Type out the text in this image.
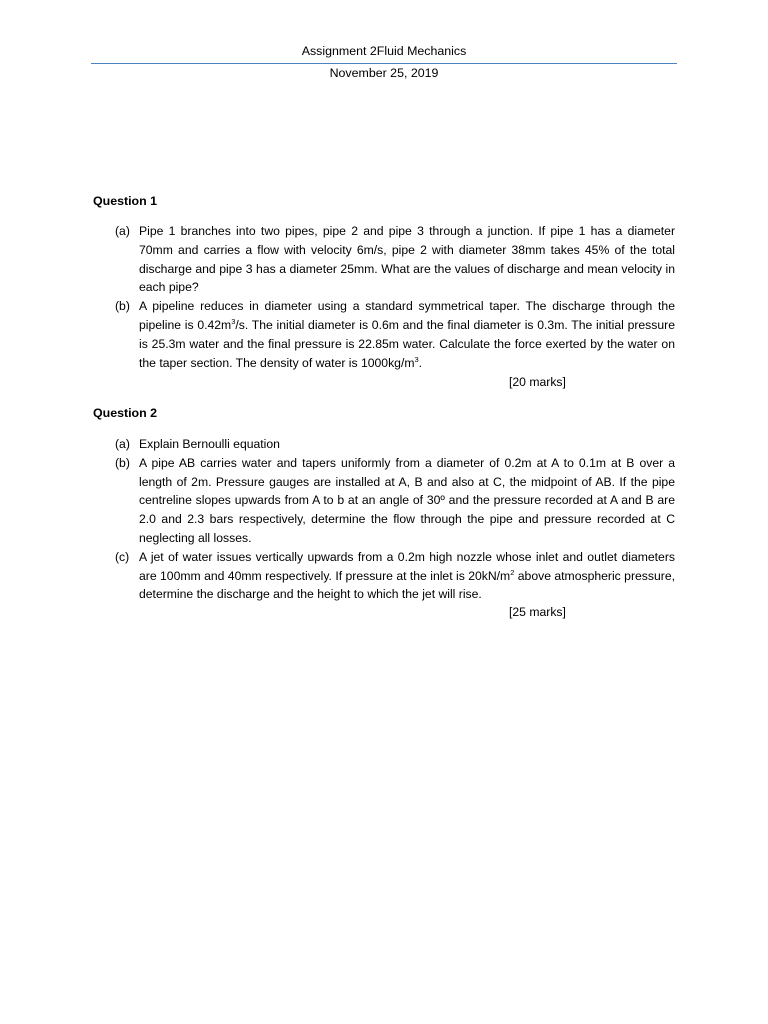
Assignment 2Fluid Mechanics
November 25, 2019
Question 1
(a) Pipe 1 branches into two pipes, pipe 2 and pipe 3 through a junction. If pipe 1 has a diameter 70mm and carries a flow with velocity 6m/s, pipe 2 with diameter 38mm takes 45% of the total discharge and pipe 3 has a diameter 25mm. What are the values of discharge and mean velocity in each pipe?
(b) A pipeline reduces in diameter using a standard symmetrical taper. The discharge through the pipeline is $0.42m^3/s$. The initial diameter is 0.6m and the final diameter is 0.3m. The initial pressure is 25.3m water and the final pressure is 22.85m water. Calculate the force exerted by the water on the taper section. The density of water is $1000kg/m^3$.
[20 marks]
Question 2
(a) Explain Bernoulli equation
(b) A pipe AB carries water and tapers uniformly from a diameter of 0.2m at A to 0.1m at B over a length of 2m. Pressure gauges are installed at A, B and also at C, the midpoint of AB. If the pipe centreline slopes upwards from A to b at an angle of 30º and the pressure recorded at A and B are 2.0 and 2.3 bars respectively, determine the flow through the pipe and pressure recorded at C neglecting all losses.
(c) A jet of water issues vertically upwards from a 0.2m high nozzle whose inlet and outlet diameters are 100mm and 40mm respectively. If pressure at the inlet is $20kN/m^2$ above atmospheric pressure, determine the discharge and the height to which the jet will rise.
[25 marks]
